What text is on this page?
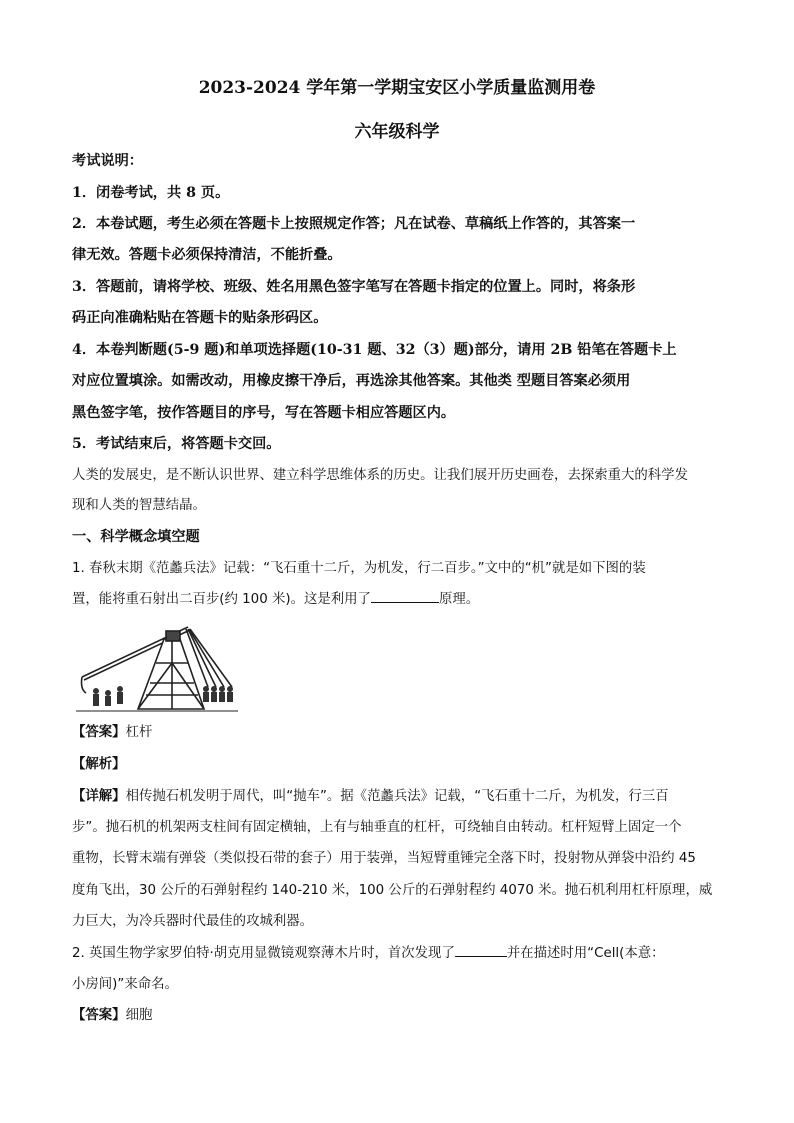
2023-2024 学年第一学期宝安区小学质量监测用卷
六年级科学
考试说明：
1．闭卷考试，共 8 页。
2．本卷试题，考生必须在答题卡上按照规定作答；凡在试卷、草稿纸上作答的，其答案一
律无效。答题卡必须保持清洁，不能折叠。
3．答题前，请将学校、班级、姓名用黑色签字笔写在答题卡指定的位置上。同时，将条形
码正向准确粘贴在答题卡的贴条形码区。
4．本卷判断题(5-9 题)和单项选择题(10-31 题、32（3）题)部分，请用 2B 铅笔在答题卡上
对应位置填涂。如需改动，用橡皮擦干净后，再选涂其他答案。其他类 型题目答案必须用
黑色签字笔，按作答题目的序号，写在答题卡相应答题区内。
5．考试结束后，将答题卡交回。
人类的发展史，是不断认识世界、建立科学思维体系的历史。让我们展开历史画卷，去探索重大的科学发
现和人类的智慧结晶。
一、科学概念填空题
1. 春秋末期《范蠡兵法》记载：“飞石重十二斤，为机发，行二百步。”文中的“机”就是如下图的装
置，能将重石射出二百步(约 100 米)。这是利用了	原理。
【答案】杠杆
【解析】
【详解】相传抛石机发明于周代，叫“抛车”。据《范蠡兵法》记载，“飞石重十二斤，为机发，行三百
步”。抛石机的机架两支柱间有固定横轴，上有与轴垂直的杠杆，可绕轴自由转动。杠杆短臂上固定一个
重物，长臂末端有弹袋（类似投石带的套子）用于装弹，当短臂重锤完全落下时，投射物从弹袋中沿约 45
度角飞出，30 公斤的石弹射程约 140-210 米，100 公斤的石弹射程约 4070 米。抛石机利用杠杆原理，威
力巨大，为冷兵器时代最佳的攻城利器。
2. 英国生物学家罗伯特·胡克用显微镜观察薄木片时，首次发现了	并在描述时用“Cell(本意：
小房间)”来命名。
【答案】细胞
